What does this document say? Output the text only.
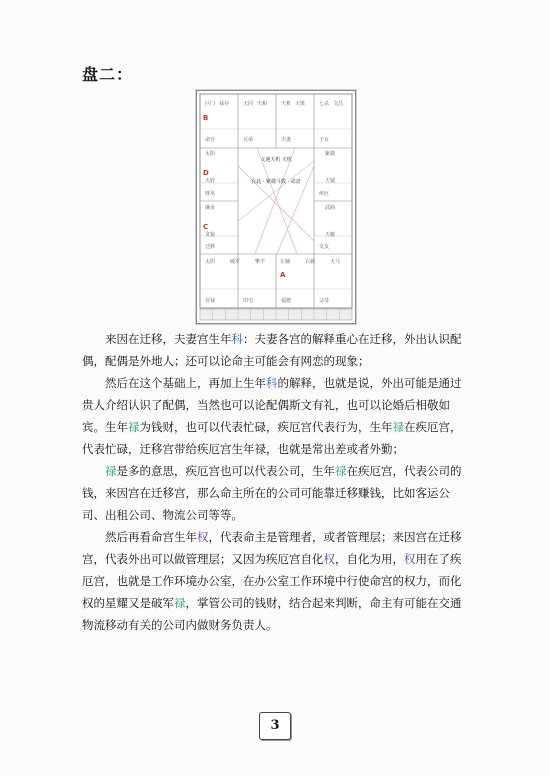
盘二：
B
D
C
A
文遇天机 天机
在此 · 紫微斗数 · 命盘
巨门 禄存	天同 天相	天机 天梁	七杀 文昌
太阳
天府
廉贞
贪狼
紫微
天钺
武曲
天魁
太阴	破军	擎羊	左辅	右弼	天马
命宫	兄弟	夫妻	子女
财帛	疾厄
迁移	交友
官禄	田宅	福德	父母

来因在迁移，夫妻宫生年科：夫妻各宫的解释重心在迁移，外出认识配偶，配偶是外地人；还可以论命主可能会有网恋的现象；

然后在这个基础上，再加上生年科的解释，也就是说，外出可能是通过贵人介绍认识了配偶，当然也可以论配偶斯文有礼，也可以论婚后相敬如宾。 生年禄为钱财，也可以代表忙碌，疾厄宫代表行为，生年禄在疾厄宫，代表忙碌，迁移宫带给疾厄宫生年禄，也就是常出差或者外勤；

禄是多的意思，疾厄宫也可以代表公司，生年禄在疾厄宫，代表公司的钱，来因宫在迁移宫，那么命主所在的公司可能靠迁移赚钱，比如客运公司、出租公司、物流公司等等。

然后再看命宫生年权，代表命主是管理者，或者管理层；来因宫在迁移宫，代表外出可以做管理层；又因为疾厄宫自化权，自化为用，权用在了疾厄宫，也就是工作环境办公室，在办公室工作环境中行使命宫的权力，而化权的星耀又是破军禄，掌管公司的钱财，结合起来判断，命主有可能在交通物流移动有关的公司内做财务负责人。

3
